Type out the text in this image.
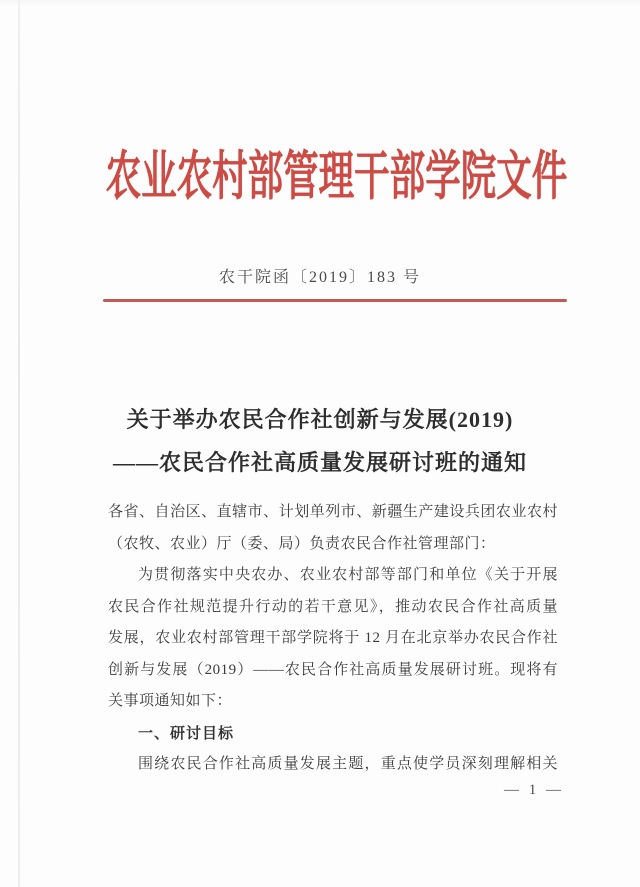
农业农村部管理干部学院文件
农干院函〔2019〕183 号
关于举办农民合作社创新与发展(2019)
——农民合作社高质量发展研讨班的通知
各省、自治区、直辖市、计划单列市、新疆生产建设兵团农业农村
（农牧、农业）厅（委、局）负责农民合作社管理部门：
为贯彻落实中央农办、农业农村部等部门和单位《关于开展
农民合作社规范提升行动的若干意见》，推动农民合作社高质量
发展，农业农村部管理干部学院将于 12 月在北京举办农民合作社
创新与发展（2019）——农民合作社高质量发展研讨班。现将有
关事项通知如下：
一、研讨目标
围绕农民合作社高质量发展主题，重点使学员深刻理解相关
— 1 —
